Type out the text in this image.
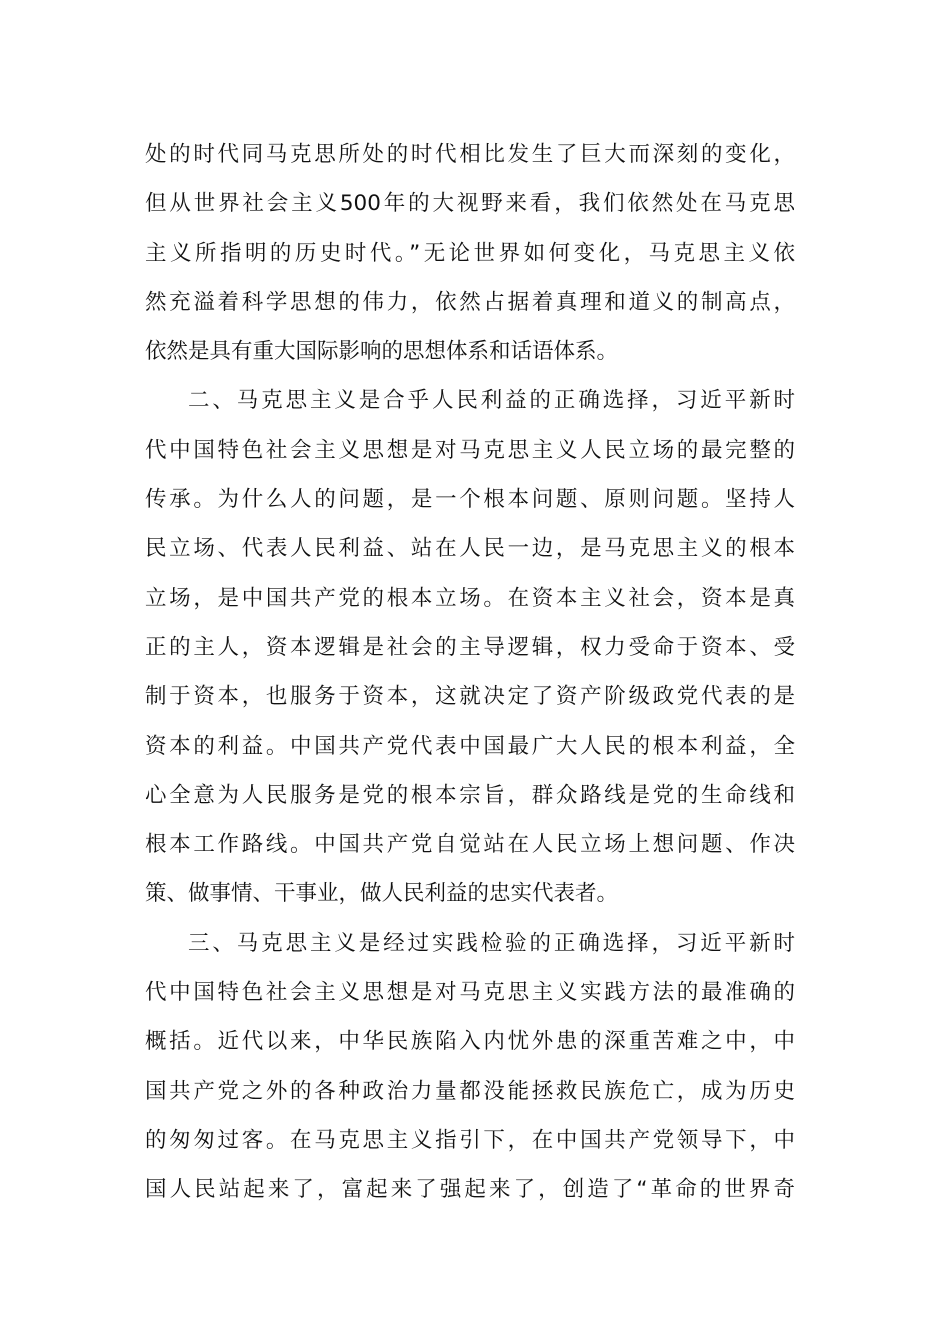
处的时代同马克思所处的时代相比发生了巨大而深刻的变化，
但从世界社会主义500年的大视野来看，我们依然处在马克思
主义所指明的历史时代。”无论世界如何变化，马克思主义依
然充溢着科学思想的伟力，依然占据着真理和道义的制高点，
依然是具有重大国际影响的思想体系和话语体系。
二、马克思主义是合乎人民利益的正确选择，习近平新时
代中国特色社会主义思想是对马克思主义人民立场的最完整的
传承。为什么人的问题，是一个根本问题、原则问题。坚持人
民立场、代表人民利益、站在人民一边，是马克思主义的根本
立场，是中国共产党的根本立场。在资本主义社会，资本是真
正的主人，资本逻辑是社会的主导逻辑，权力受命于资本、受
制于资本，也服务于资本，这就决定了资产阶级政党代表的是
资本的利益。中国共产党代表中国最广大人民的根本利益，全
心全意为人民服务是党的根本宗旨，群众路线是党的生命线和
根本工作路线。中国共产党自觉站在人民立场上想问题、作决
策、做事情、干事业，做人民利益的忠实代表者。
三、马克思主义是经过实践检验的正确选择，习近平新时
代中国特色社会主义思想是对马克思主义实践方法的最准确的
概括。近代以来，中华民族陷入内忧外患的深重苦难之中，中
国共产党之外的各种政治力量都没能拯救民族危亡，成为历史
的匆匆过客。在马克思主义指引下，在中国共产党领导下，中
国人民站起来了，富起来了强起来了，创造了“革命的世界奇
